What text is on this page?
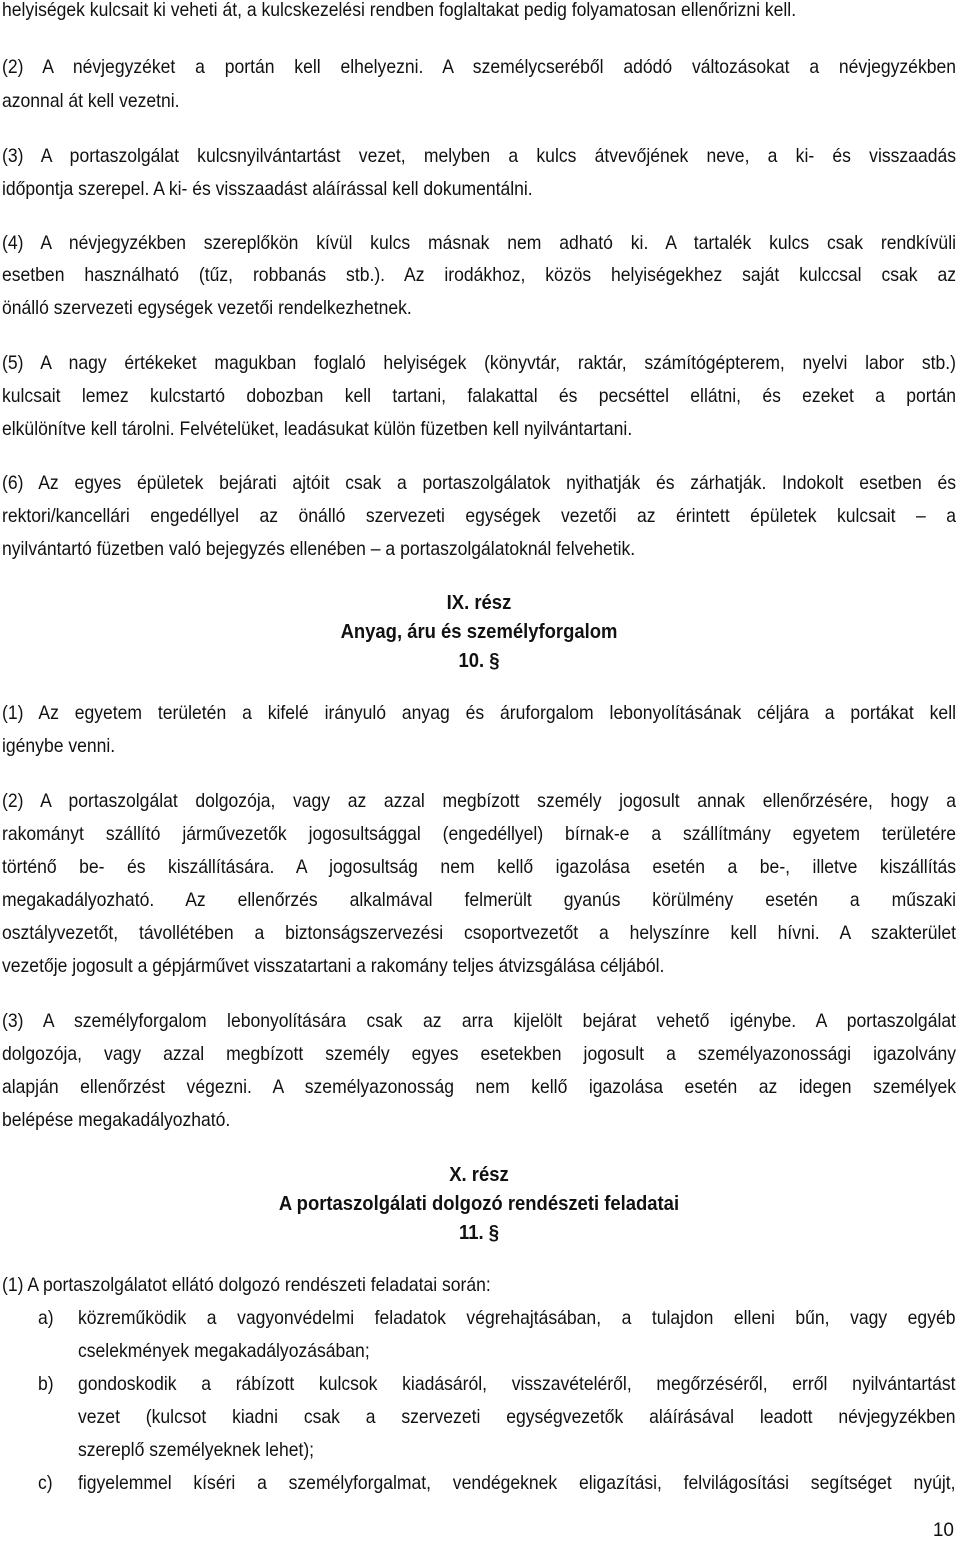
helyiségek kulcsait ki veheti át, a kulcskezelési rendben foglaltakat pedig folyamatosan ellenőrizni kell.
(2) A névjegyzéket a portán kell elhelyezni. A személycseréből adódó változásokat a névjegyzékben
azonnal át kell vezetni.
(3) A portaszolgálat kulcsnyilvántartást vezet, melyben a kulcs átvevőjének neve, a ki- és visszaadás
időpontja szerepel. A ki- és visszaadást aláírással kell dokumentálni.
(4) A névjegyzékben szereplőkön kívül kulcs másnak nem adható ki. A tartalék kulcs csak rendkívüli
esetben használható (tűz, robbanás stb.). Az irodákhoz, közös helyiségekhez saját kulccsal csak az
önálló szervezeti egységek vezetői rendelkezhetnek.
(5) A nagy értékeket magukban foglaló helyiségek (könyvtár, raktár, számítógépterem, nyelvi labor stb.)
kulcsait lemez kulcstartó dobozban kell tartani, falakattal és pecséttel ellátni, és ezeket a portán
elkülönítve kell tárolni. Felvételüket, leadásukat külön füzetben kell nyilvántartani.
(6) Az egyes épületek bejárati ajtóit csak a portaszolgálatok nyithatják és zárhatják. Indokolt esetben és
rektori/kancellári engedéllyel az önálló szervezeti egységek vezetői az érintett épületek kulcsait – a
nyilvántartó füzetben való bejegyzés ellenében – a portaszolgálatoknál felvehetik.
IX. rész
Anyag, áru és személyforgalom
10. §
(1) Az egyetem területén a kifelé irányuló anyag és áruforgalom lebonyolításának céljára a portákat kell
igénybe venni.
(2) A portaszolgálat dolgozója, vagy az azzal megbízott személy jogosult annak ellenőrzésére, hogy a
rakományt szállító járművezetők jogosultsággal (engedéllyel) bírnak-e a szállítmány egyetem területére
történő be- és kiszállítására. A jogosultság nem kellő igazolása esetén a be-, illetve kiszállítás
megakadályozható. Az ellenőrzés alkalmával felmerült gyanús körülmény esetén a műszaki
osztályvezetőt, távollétében a biztonságszervezési csoportvezetőt a helyszínre kell hívni. A szakterület
vezetője jogosult a gépjárművet visszatartani a rakomány teljes átvizsgálása céljából.
(3) A személyforgalom lebonyolítására csak az arra kijelölt bejárat vehető igénybe. A portaszolgálat
dolgozója, vagy azzal megbízott személy egyes esetekben jogosult a személyazonossági igazolvány
alapján ellenőrzést végezni. A személyazonosság nem kellő igazolása esetén az idegen személyek
belépése megakadályozható.
X. rész
A portaszolgálati dolgozó rendészeti feladatai
11. §
(1) A portaszolgálatot ellátó dolgozó rendészeti feladatai során:
a) közreműködik a vagyonvédelmi feladatok végrehajtásában, a tulajdon elleni bűn, vagy egyéb
cselekmények megakadályozásában;
b) gondoskodik a rábízott kulcsok kiadásáról, visszavételéről, megőrzéséről, erről nyilvántartást
vezet (kulcsot kiadni csak a szervezeti egységvezetők aláírásával leadott névjegyzékben
szereplő személyeknek lehet);
c) figyelemmel kíséri a személyforgalmat, vendégeknek eligazítási, felvilágosítási segítséget nyújt,
10
